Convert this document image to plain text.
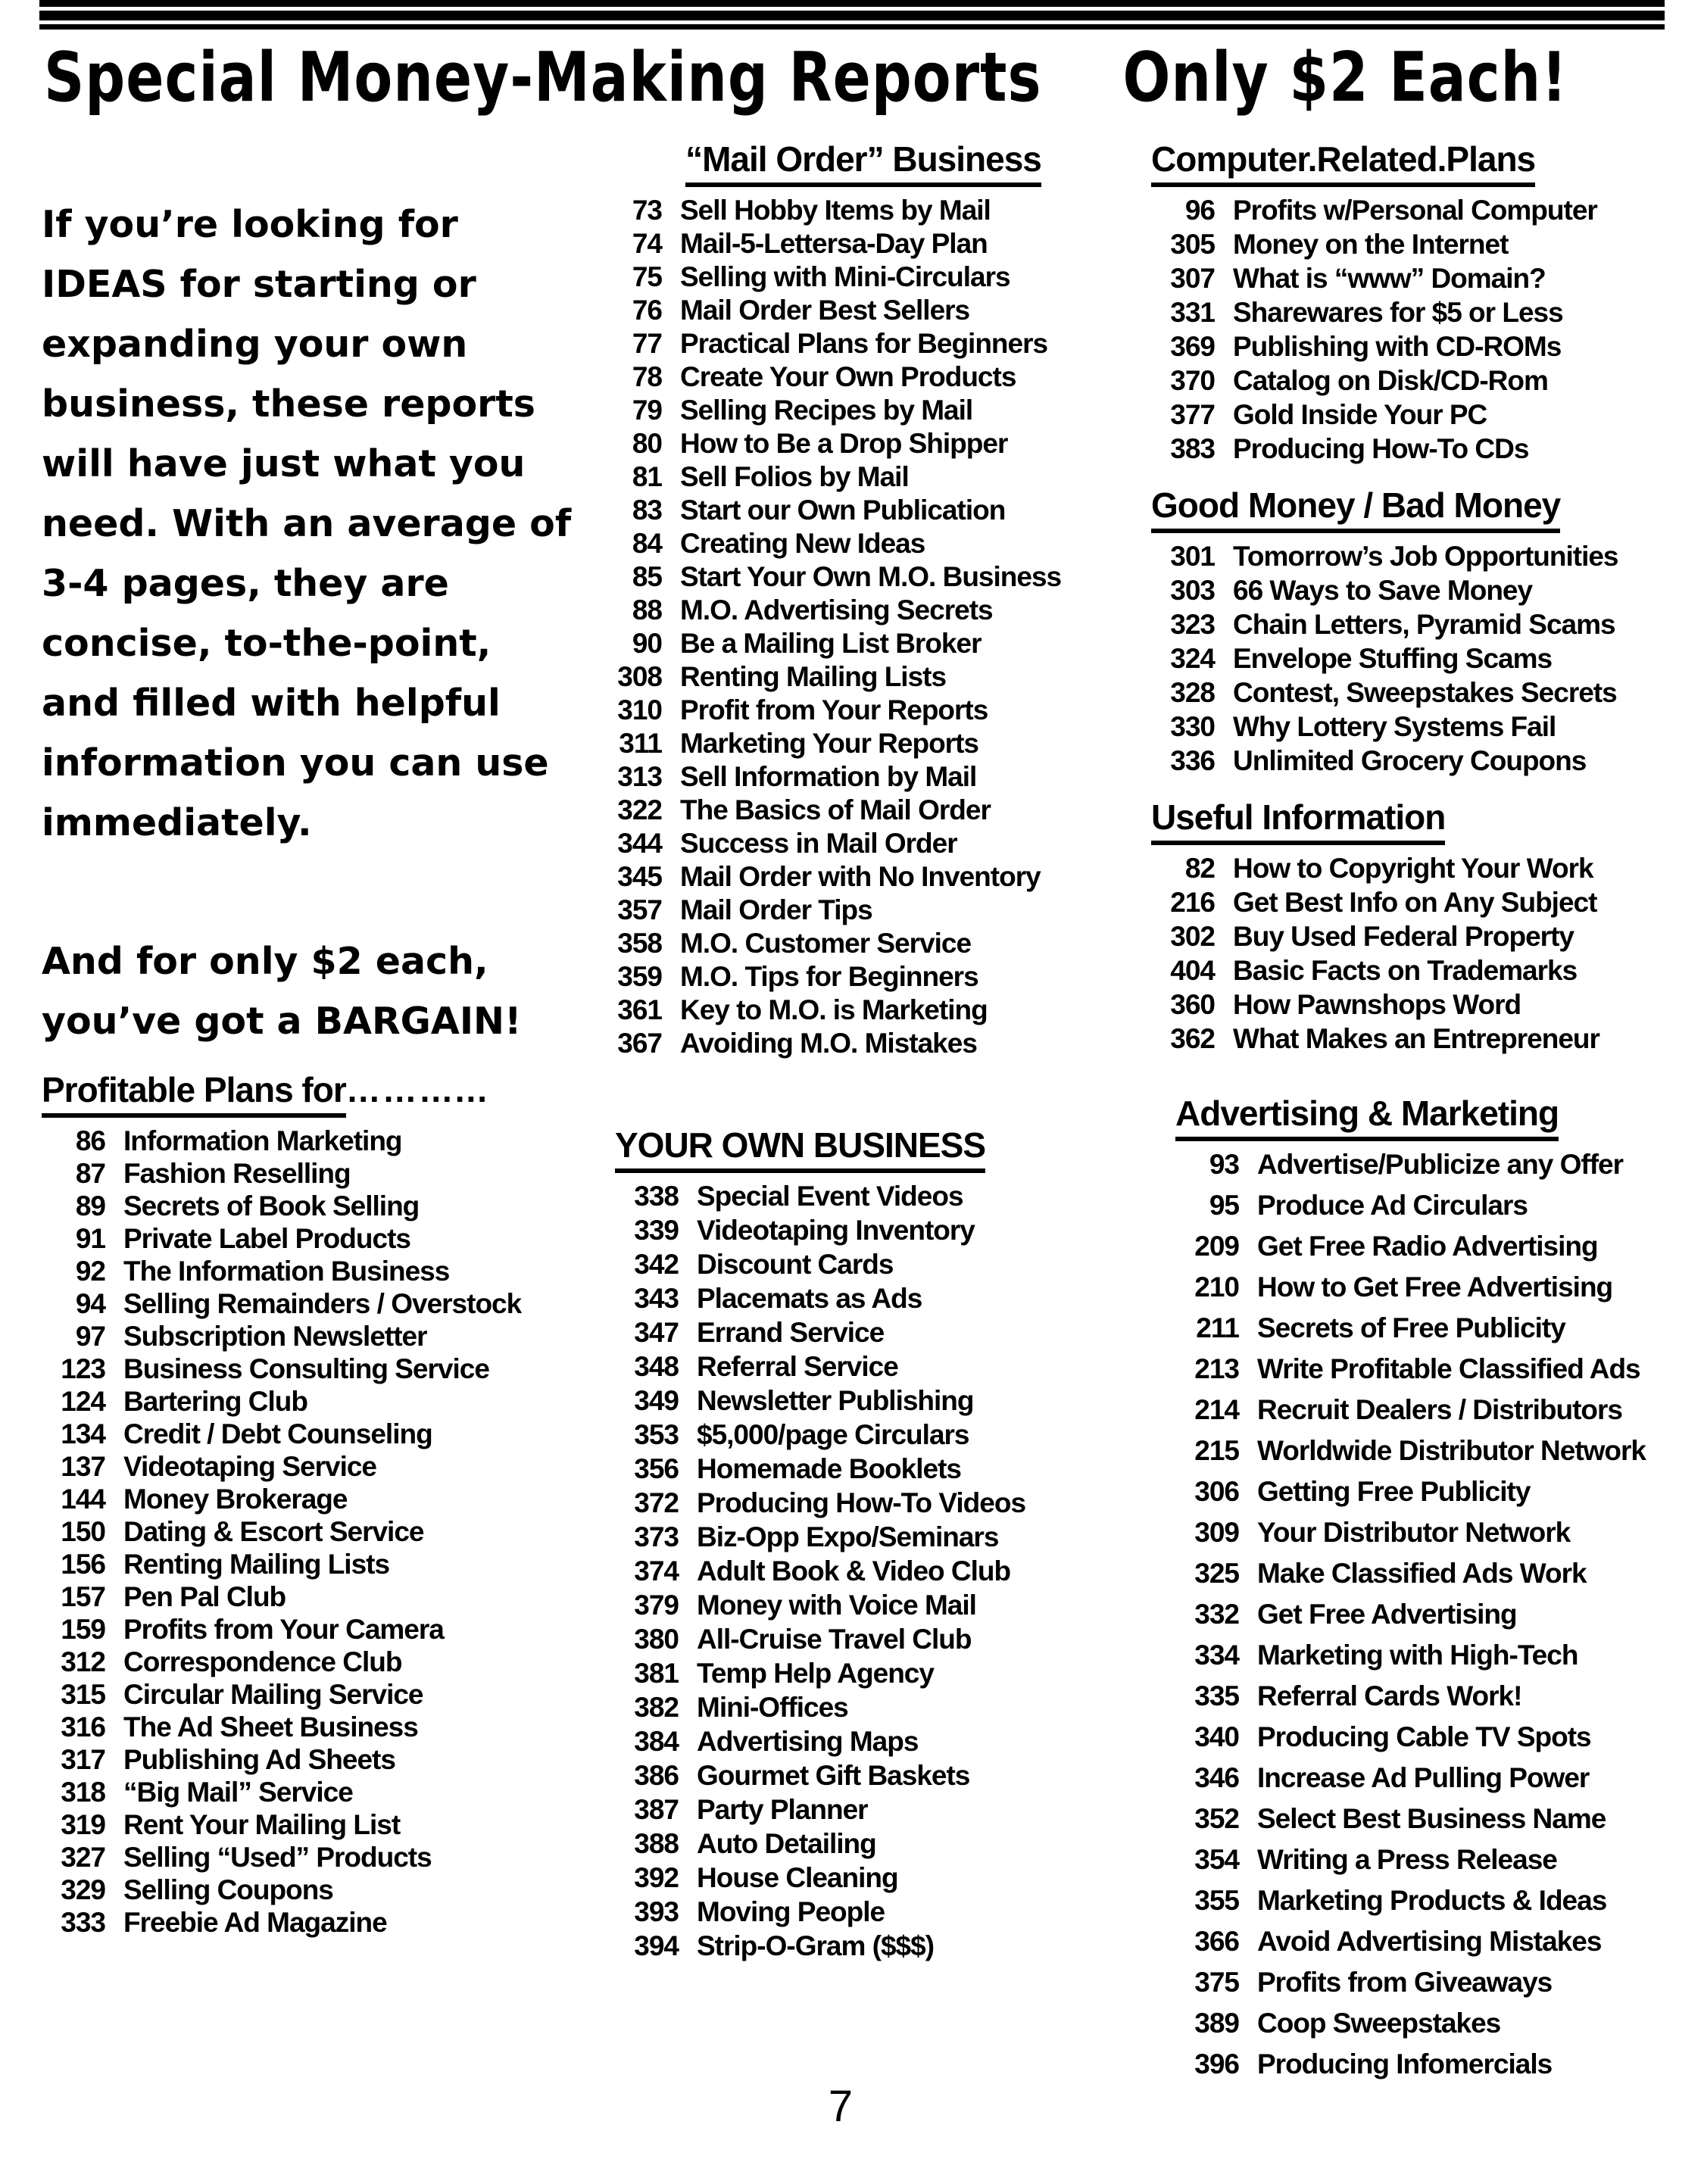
Special Money-Making Reports Only $2 Each!
If you’re looking for IDEAS for starting or expanding your own business, these reports will have just what you need. With an average of 3-4 pages, they are concise, to-the-point, and filled with helpful information you can use immediately.
And for only $2 each, you’ve got a BARGAIN!
Profitable Plans for………...
86 Information Marketing
87 Fashion Reselling
89 Secrets of Book Selling
91 Private Label Products
92 The Information Business
94 Selling Remainders / Overstock
97 Subscription Newsletter
123 Business Consulting Service
124 Bartering Club
134 Credit / Debt Counseling
137 Videotaping Service
144 Money Brokerage
150 Dating & Escort Service
156 Renting Mailing Lists
157 Pen Pal Club
159 Profits from Your Camera
312 Correspondence Club
315 Circular Mailing Service
316 The Ad Sheet Business
317 Publishing Ad Sheets
318 “Big Mail” Service
319 Rent Your Mailing List
327 Selling “Used” Products
329 Selling Coupons
333 Freebie Ad Magazine
“Mail Order” Business
73 Sell Hobby Items by Mail
74 Mail-5-Lettersa-Day Plan
75 Selling with Mini-Circulars
76 Mail Order Best Sellers
77 Practical Plans for Beginners
78 Create Your Own Products
79 Selling Recipes by Mail
80 How to Be a Drop Shipper
81 Sell Folios by Mail
83 Start our Own Publication
84 Creating New Ideas
85 Start Your Own M.O. Business
88 M.O. Advertising Secrets
90 Be a Mailing List Broker
308 Renting Mailing Lists
310 Profit from Your Reports
311 Marketing Your Reports
313 Sell Information by Mail
322 The Basics of Mail Order
344 Success in Mail Order
345 Mail Order with No Inventory
357 Mail Order Tips
358 M.O. Customer Service
359 M.O. Tips for Beginners
361 Key to M.O. is Marketing
367 Avoiding M.O. Mistakes
YOUR OWN BUSINESS
338 Special Event Videos
339 Videotaping Inventory
342 Discount Cards
343 Placemats as Ads
347 Errand Service
348 Referral Service
349 Newsletter Publishing
353 $5,000/page Circulars
356 Homemade Booklets
372 Producing How-To Videos
373 Biz-Opp Expo/Seminars
374 Adult Book & Video Club
379 Money with Voice Mail
380 All-Cruise Travel Club
381 Temp Help Agency
382 Mini-Offices
384 Advertising Maps
386 Gourmet Gift Baskets
387 Party Planner
388 Auto Detailing
392 House Cleaning
393 Moving People
394 Strip-O-Gram ($$$)
Computer.Related.Plans
96 Profits w/Personal Computer
305 Money on the Internet
307 What is “www” Domain?
331 Sharewares for $5 or Less
369 Publishing with CD-ROMs
370 Catalog on Disk/CD-Rom
377 Gold Inside Your PC
383 Producing How-To CDs
Good Money / Bad Money
301 Tomorrow’s Job Opportunities
303 66 Ways to Save Money
323 Chain Letters, Pyramid Scams
324 Envelope Stuffing Scams
328 Contest, Sweepstakes Secrets
330 Why Lottery Systems Fail
336 Unlimited Grocery Coupons
Useful Information
82 How to Copyright Your Work
216 Get Best Info on Any Subject
302 Buy Used Federal Property
404 Basic Facts on Trademarks
360 How Pawnshops Word
362 What Makes an Entrepreneur
Advertising & Marketing
93 Advertise/Publicize any Offer
95 Produce Ad Circulars
209 Get Free Radio Advertising
210 How to Get Free Advertising
211 Secrets of Free Publicity
213 Write Profitable Classified Ads
214 Recruit Dealers / Distributors
215 Worldwide Distributor Network
306 Getting Free Publicity
309 Your Distributor Network
325 Make Classified Ads Work
332 Get Free Advertising
334 Marketing with High-Tech
335 Referral Cards Work!
340 Producing Cable TV Spots
346 Increase Ad Pulling Power
352 Select Best Business Name
354 Writing a Press Release
355 Marketing Products & Ideas
366 Avoid Advertising Mistakes
375 Profits from Giveaways
389 Coop Sweepstakes
396 Producing Infomercials
7
